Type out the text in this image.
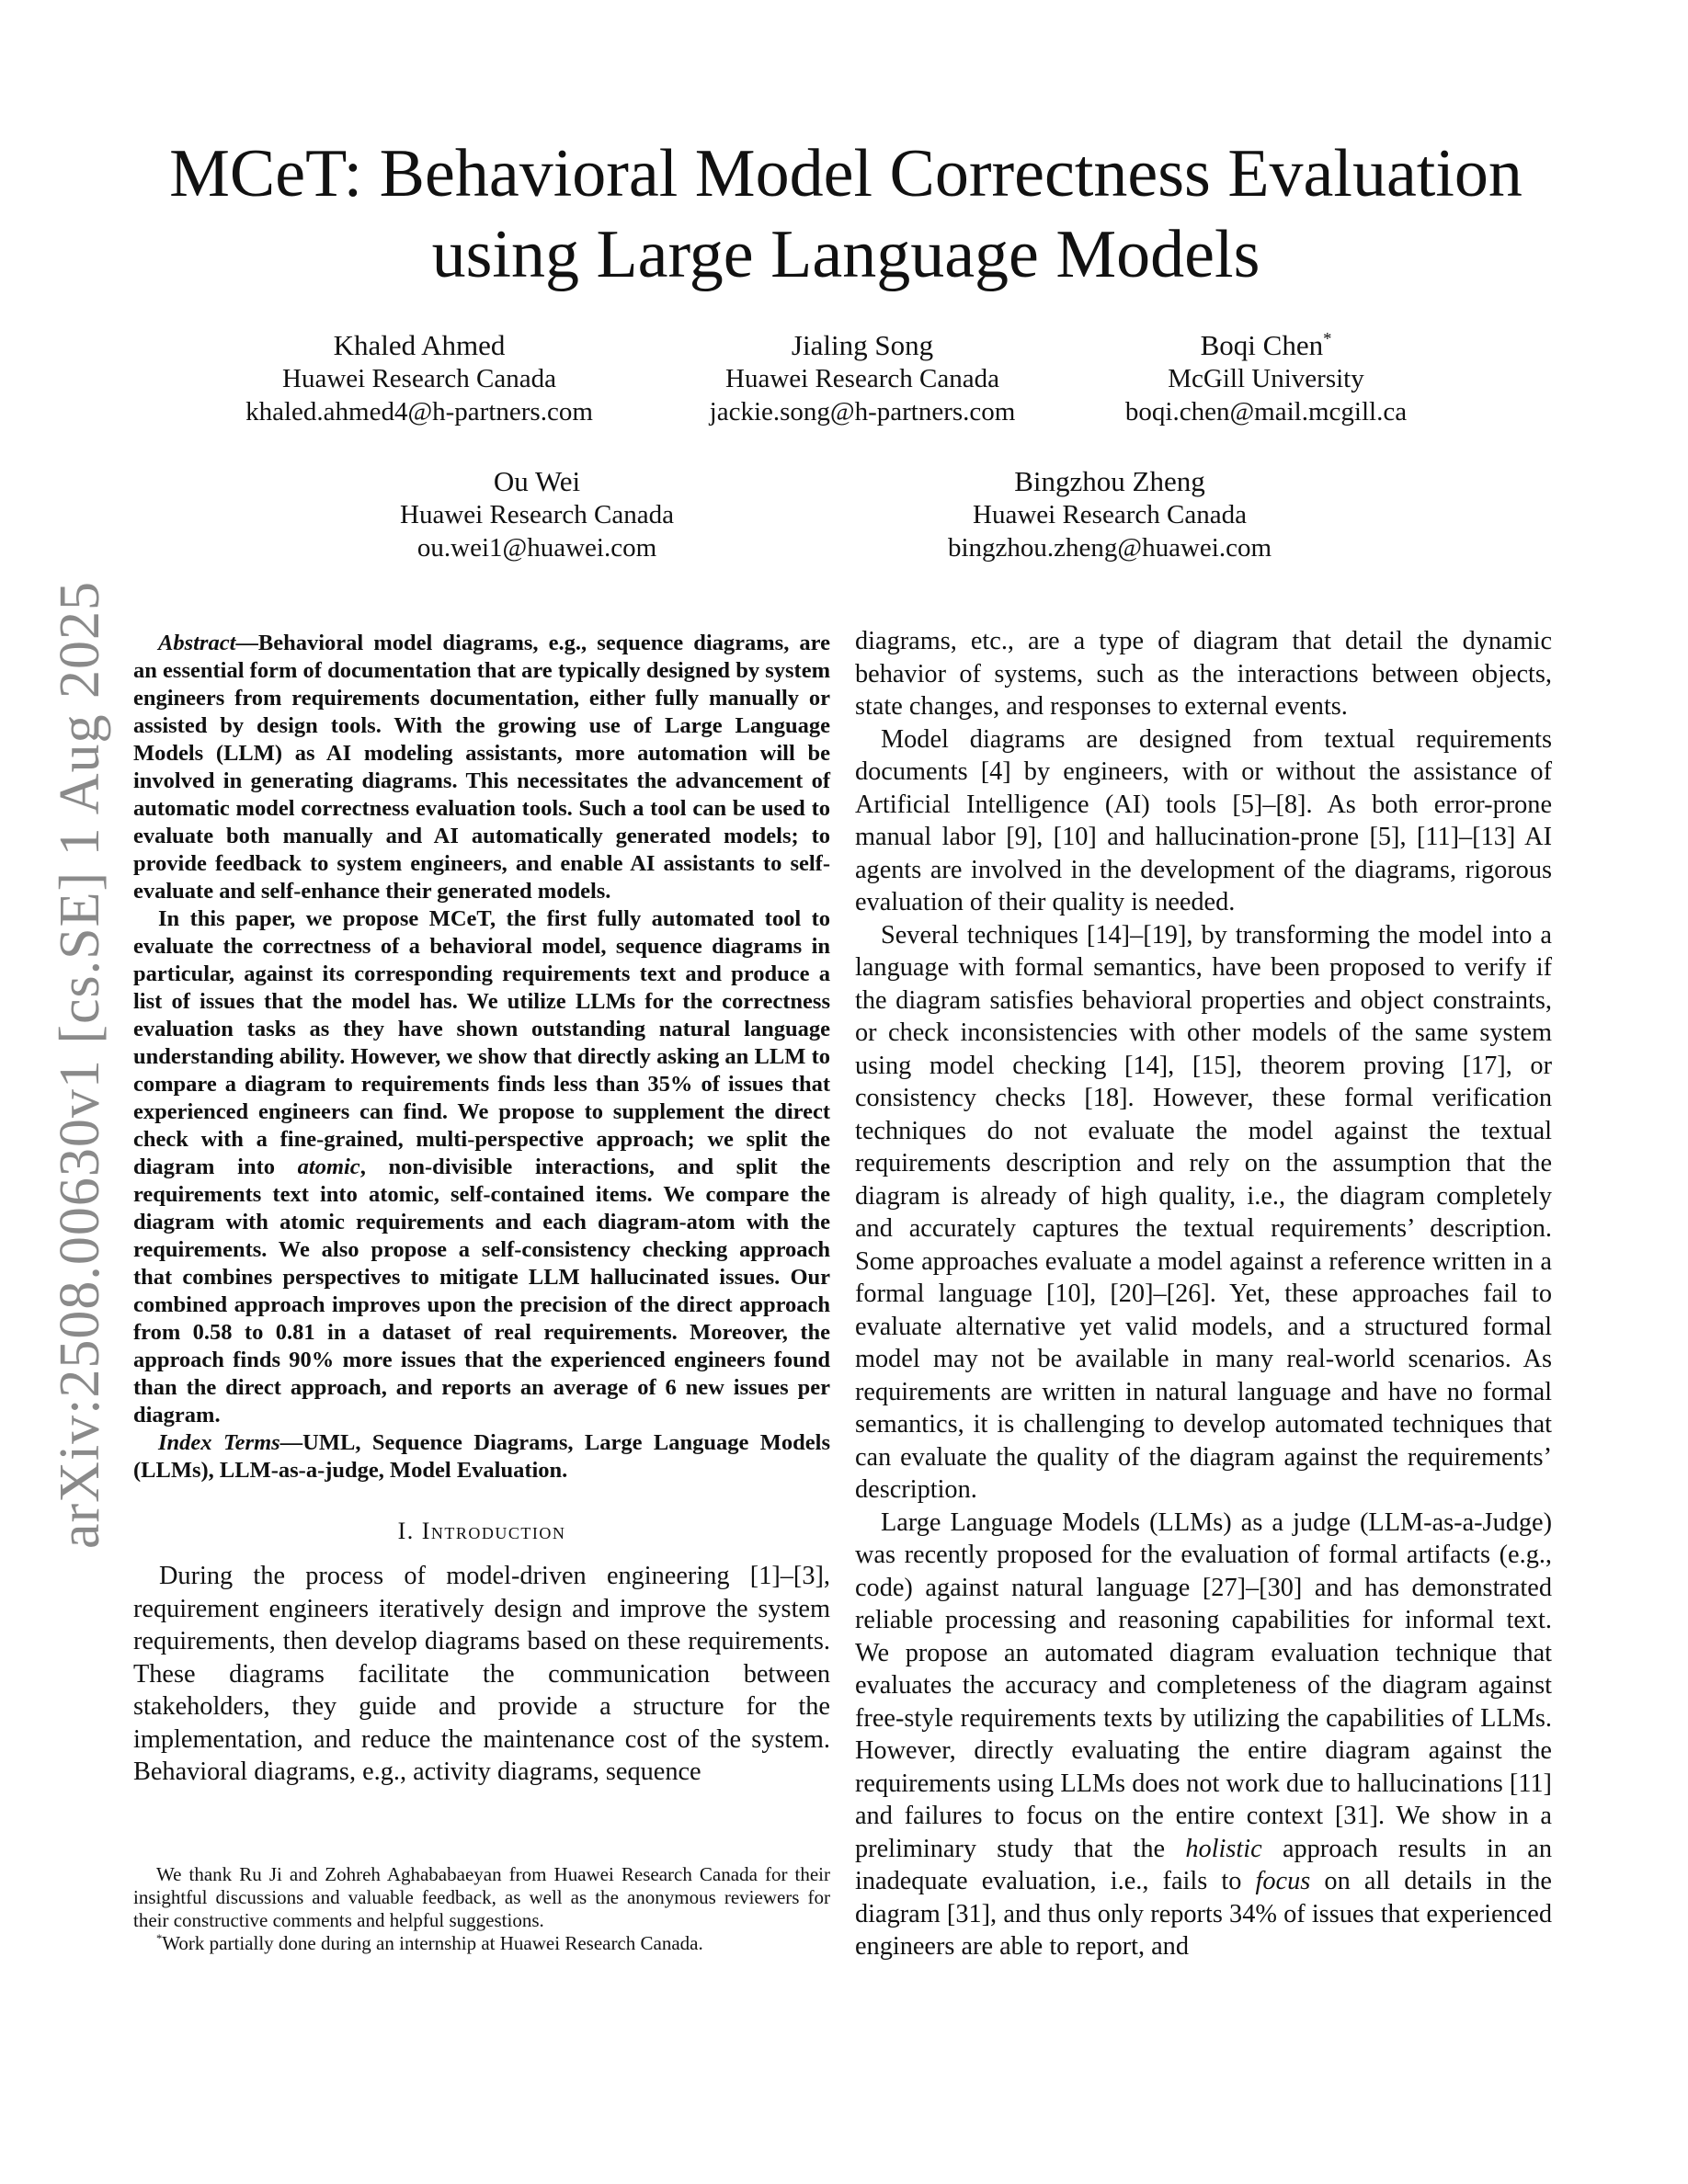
arXiv:2508.00630v1 [cs.SE] 1 Aug 2025
MCeT: Behavioral Model Correctness Evaluation
using Large Language Models
Khaled Ahmed
Huawei Research Canada
khaled.ahmed4@h-partners.com
Jialing Song
Huawei Research Canada
jackie.song@h-partners.com
Boqi Chen*
McGill University
boqi.chen@mail.mcgill.ca
Ou Wei
Huawei Research Canada
ou.wei1@huawei.com
Bingzhou Zheng
Huawei Research Canada
bingzhou.zheng@huawei.com

Abstract—Behavioral model diagrams, e.g., sequence diagrams, are an essential form of documentation that are typically designed by system engineers from requirements documentation, either fully manually or assisted by design tools. With the growing use of Large Language Models (LLM) as AI modeling assistants, more automation will be involved in generating diagrams. This necessitates the advancement of automatic model correctness evaluation tools. Such a tool can be used to evaluate both manually and AI automatically generated models; to provide feedback to system engineers, and enable AI assistants to self-evaluate and self-enhance their generated models.

In this paper, we propose MCeT, the first fully automated tool to evaluate the correctness of a behavioral model, sequence diagrams in particular, against its corresponding requirements text and produce a list of issues that the model has. We utilize LLMs for the correctness evaluation tasks as they have shown outstanding natural language understanding ability. However, we show that directly asking an LLM to compare a diagram to requirements finds less than 35% of issues that experienced engineers can find. We propose to supplement the direct check with a fine-grained, multi-perspective approach; we split the diagram into atomic, non-divisible interactions, and split the requirements text into atomic, self-contained items. We compare the diagram with atomic requirements and each diagram-atom with the requirements. We also propose a self-consistency checking approach that combines perspectives to mitigate LLM hallucinated issues. Our combined approach improves upon the precision of the direct approach from 0.58 to 0.81 in a dataset of real requirements. Moreover, the approach finds 90% more issues that the experienced engineers found than the direct approach, and reports an average of 6 new issues per diagram.

Index Terms—UML, Sequence Diagrams, Large Language Models (LLMs), LLM-as-a-judge, Model Evaluation.

I. Introduction

During the process of model-driven engineering [1]–[3], requirement engineers iteratively design and improve the system requirements, then develop diagrams based on these requirements. These diagrams facilitate the communication between stakeholders, they guide and provide a structure for the implementation, and reduce the maintenance cost of the system. Behavioral diagrams, e.g., activity diagrams, sequence

We thank Ru Ji and Zohreh Aghababaeyan from Huawei Research Canada for their insightful discussions and valuable feedback, as well as the anonymous reviewers for their constructive comments and helpful suggestions.

*Work partially done during an internship at Huawei Research Canada.

diagrams, etc., are a type of diagram that detail the dynamic behavior of systems, such as the interactions between objects, state changes, and responses to external events.

Model diagrams are designed from textual requirements documents [4] by engineers, with or without the assistance of Artificial Intelligence (AI) tools [5]–[8]. As both error-prone manual labor [9], [10] and hallucination-prone [5], [11]–[13] AI agents are involved in the development of the diagrams, rigorous evaluation of their quality is needed.

Several techniques [14]–[19], by transforming the model into a language with formal semantics, have been proposed to verify if the diagram satisfies behavioral properties and object constraints, or check inconsistencies with other models of the same system using model checking [14], [15], theorem proving [17], or consistency checks [18]. However, these formal verification techniques do not evaluate the model against the textual requirements description and rely on the assumption that the diagram is already of high quality, i.e., the diagram completely and accurately captures the textual requirements’ description. Some approaches evaluate a model against a reference written in a formal language [10], [20]–[26]. Yet, these approaches fail to evaluate alternative yet valid models, and a structured formal model may not be available in many real-world scenarios. As requirements are written in natural language and have no formal semantics, it is challenging to develop automated techniques that can evaluate the quality of the diagram against the requirements’ description.

Large Language Models (LLMs) as a judge (LLM-as-a-Judge) was recently proposed for the evaluation of formal artifacts (e.g., code) against natural language [27]–[30] and has demonstrated reliable processing and reasoning capabilities for informal text. We propose an automated diagram evaluation technique that evaluates the accuracy and completeness of the diagram against free-style requirements texts by utilizing the capabilities of LLMs. However, directly evaluating the entire diagram against the requirements using LLMs does not work due to hallucinations [11] and failures to focus on the entire context [31]. We show in a preliminary study that the holistic approach results in an inadequate evaluation, i.e., fails to focus on all details in the diagram [31], and thus only reports 34% of issues that experienced engineers are able to report, and
